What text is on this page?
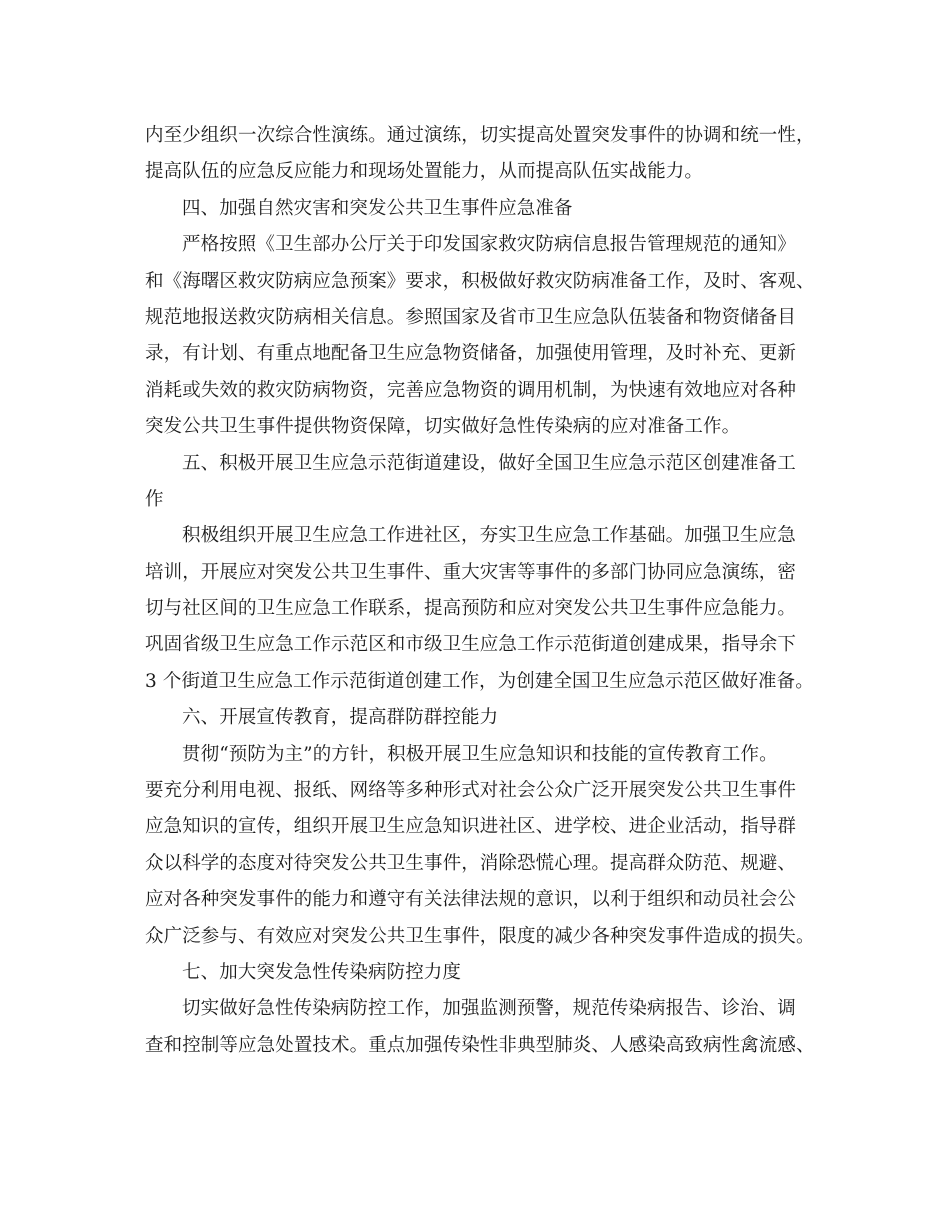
内至少组织一次综合性演练。通过演练，切实提高处置突发事件的协调和统一性，
提高队伍的应急反应能力和现场处置能力，从而提高队伍实战能力。
四、加强自然灾害和突发公共卫生事件应急准备
严格按照《卫生部办公厅关于印发国家救灾防病信息报告管理规范的通知》
和《海曙区救灾防病应急预案》要求，积极做好救灾防病准备工作，及时、客观、
规范地报送救灾防病相关信息。参照国家及省市卫生应急队伍装备和物资储备目
录，有计划、有重点地配备卫生应急物资储备，加强使用管理，及时补充、更新
消耗或失效的救灾防病物资，完善应急物资的调用机制，为快速有效地应对各种
突发公共卫生事件提供物资保障，切实做好急性传染病的应对准备工作。
五、积极开展卫生应急示范街道建设，做好全国卫生应急示范区创建准备工
作
积极组织开展卫生应急工作进社区，夯实卫生应急工作基础。加强卫生应急
培训，开展应对突发公共卫生事件、重大灾害等事件的多部门协同应急演练，密
切与社区间的卫生应急工作联系，提高预防和应对突发公共卫生事件应急能力。
巩固省级卫生应急工作示范区和市级卫生应急工作示范街道创建成果，指导余下
3 个街道卫生应急工作示范街道创建工作，为创建全国卫生应急示范区做好准备。
六、开展宣传教育，提高群防群控能力
贯彻“预防为主”的方针，积极开展卫生应急知识和技能的宣传教育工作。
要充分利用电视、报纸、网络等多种形式对社会公众广泛开展突发公共卫生事件
应急知识的宣传，组织开展卫生应急知识进社区、进学校、进企业活动，指导群
众以科学的态度对待突发公共卫生事件，消除恐慌心理。提高群众防范、规避、
应对各种突发事件的能力和遵守有关法律法规的意识，以利于组织和动员社会公
众广泛参与、有效应对突发公共卫生事件，限度的减少各种突发事件造成的损失。
七、加大突发急性传染病防控力度
切实做好急性传染病防控工作，加强监测预警，规范传染病报告、诊治、调
查和控制等应急处置技术。重点加强传染性非典型肺炎、人感染高致病性禽流感、
